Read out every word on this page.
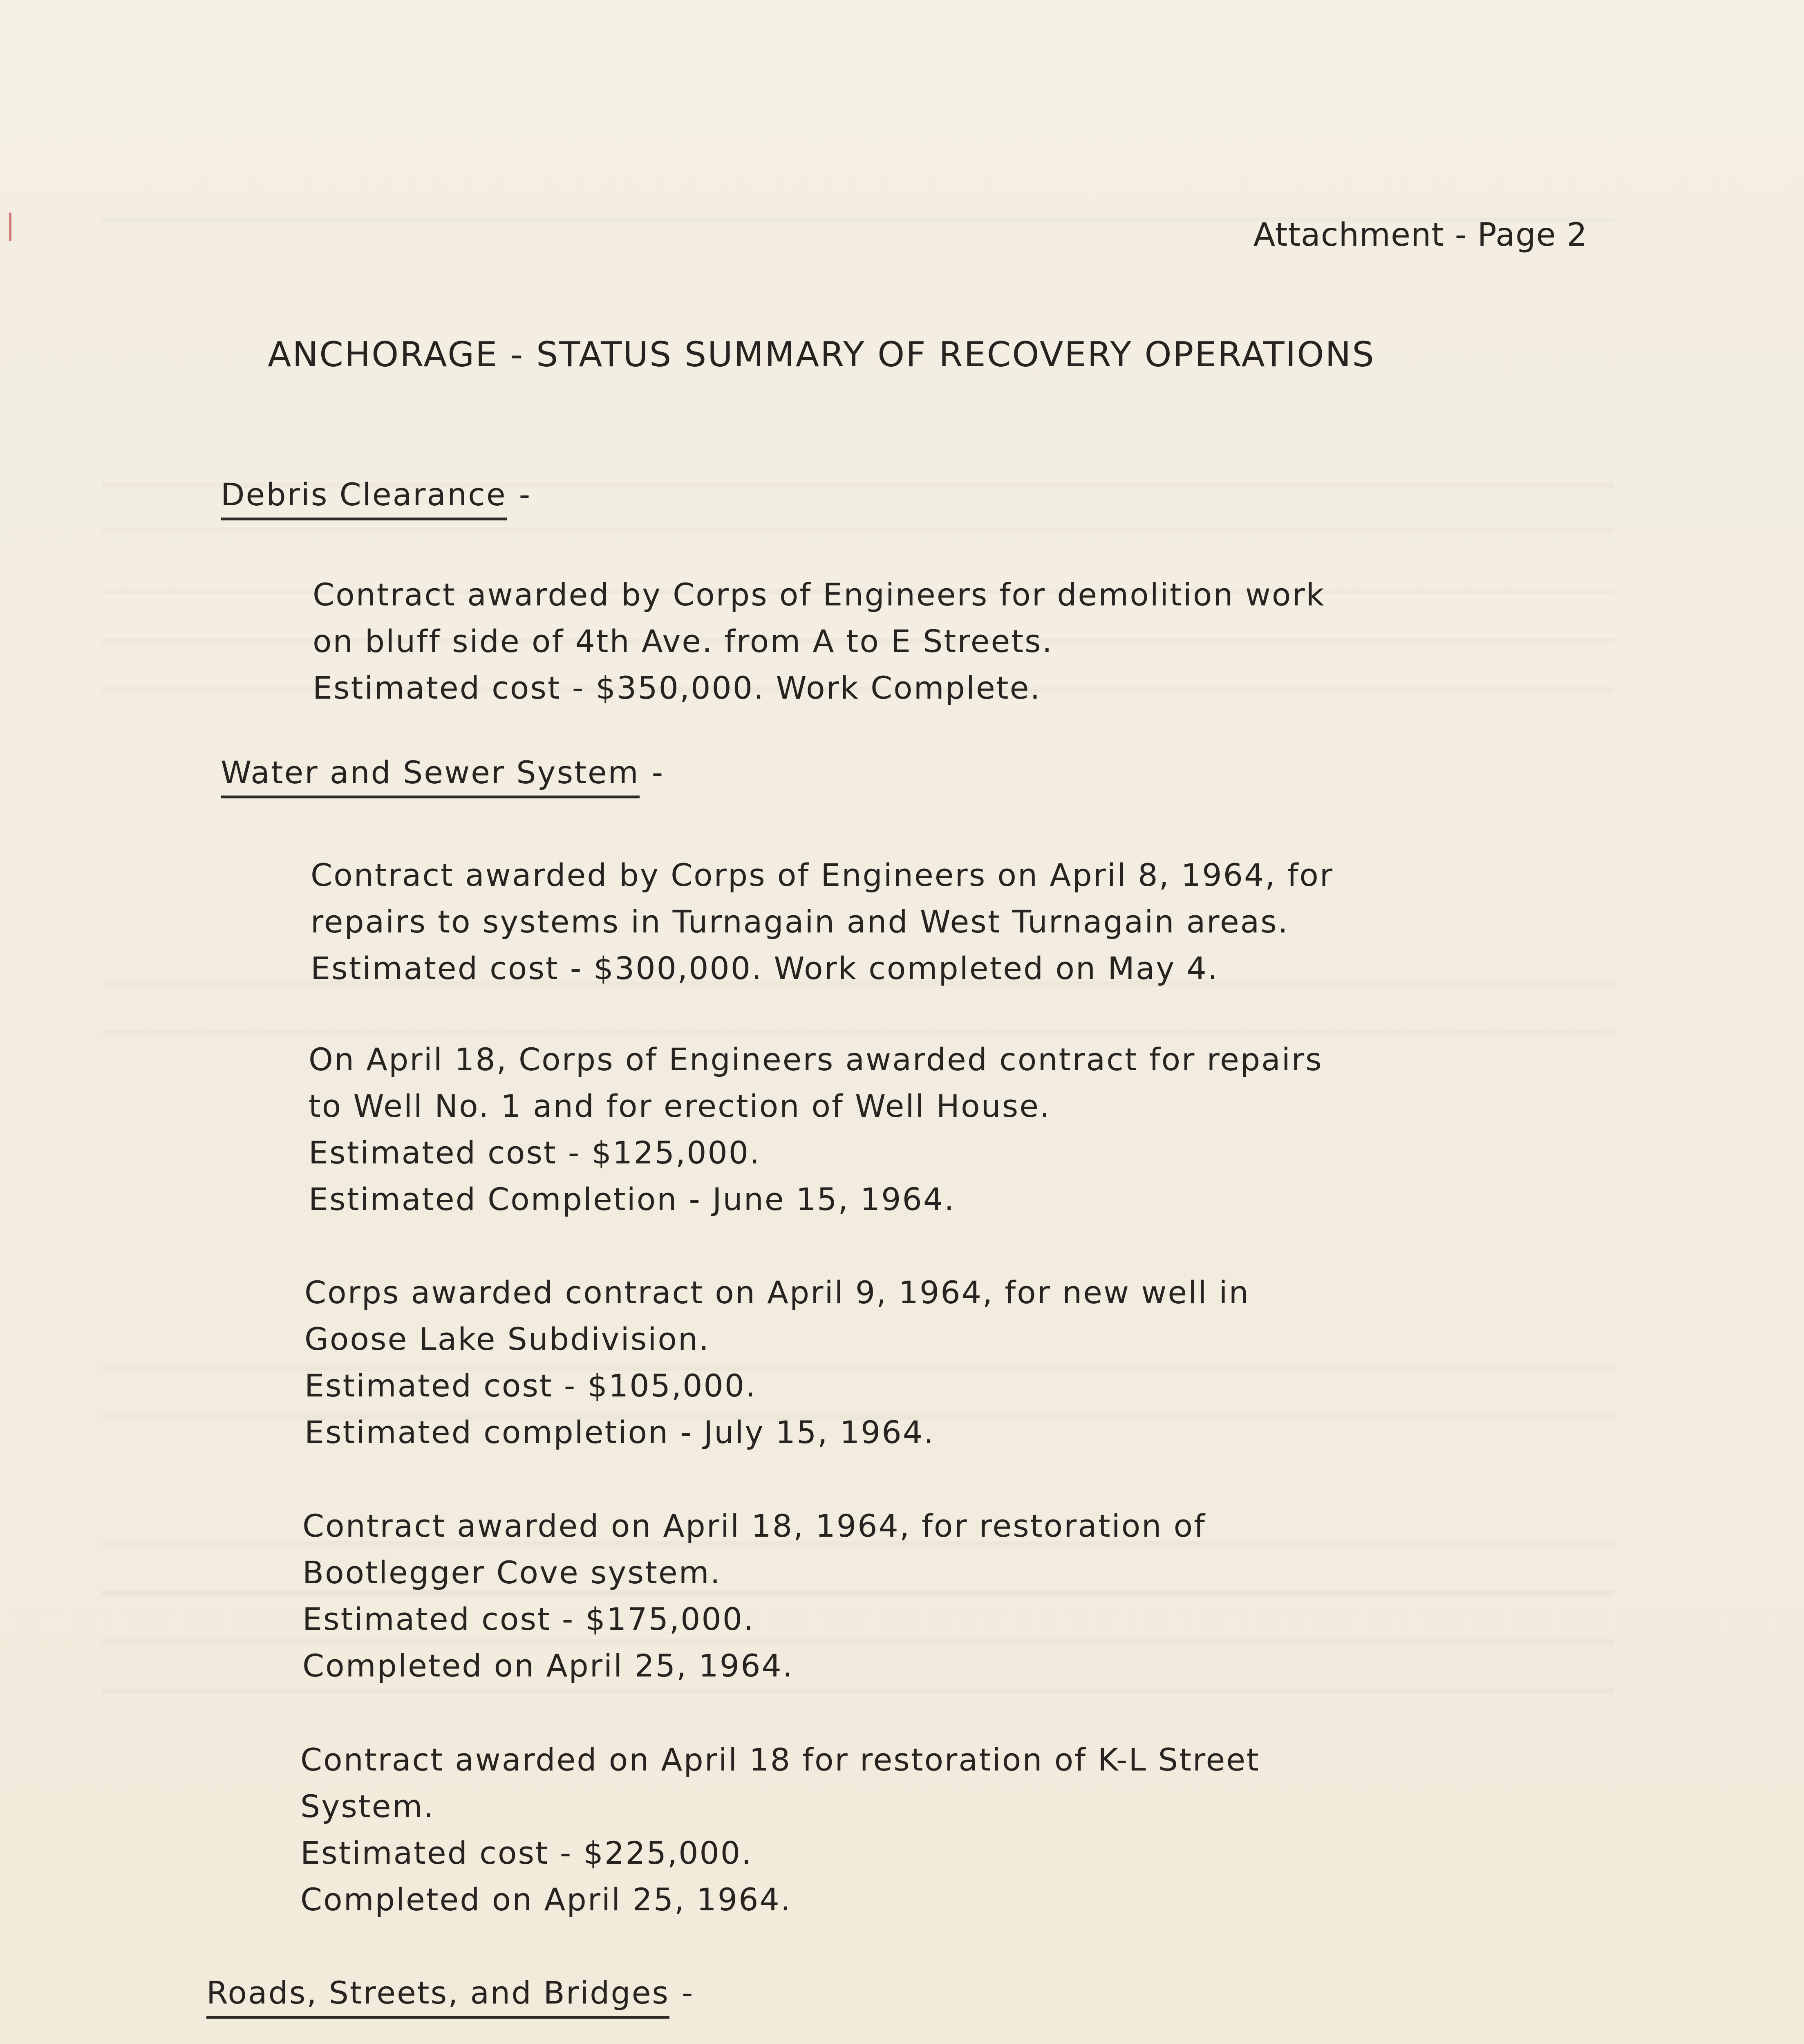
Attachment - Page 2
ANCHORAGE - STATUS SUMMARY OF RECOVERY OPERATIONS
Debris Clearance -
Contract awarded by Corps of Engineers for demolition work
on bluff side of 4th Ave. from A to E Streets.
Estimated cost - $350,000. Work Complete.
Water and Sewer System -
Contract awarded by Corps of Engineers on April 8, 1964, for
repairs to systems in Turnagain and West Turnagain areas.
Estimated cost - $300,000. Work completed on May 4.
On April 18, Corps of Engineers awarded contract for repairs
to Well No. 1 and for erection of Well House.
Estimated cost - $125,000.
Estimated Completion - June 15, 1964.
Corps awarded contract on April 9, 1964, for new well in
Goose Lake Subdivision.
Estimated cost - $105,000.
Estimated completion - July 15, 1964.
Contract awarded on April 18, 1964, for restoration of
Bootlegger Cove system.
Estimated cost - $175,000.
Completed on April 25, 1964.
Contract awarded on April 18 for restoration of K-L Street
System.
Estimated cost - $225,000.
Completed on April 25, 1964.
Roads, Streets, and Bridges -
